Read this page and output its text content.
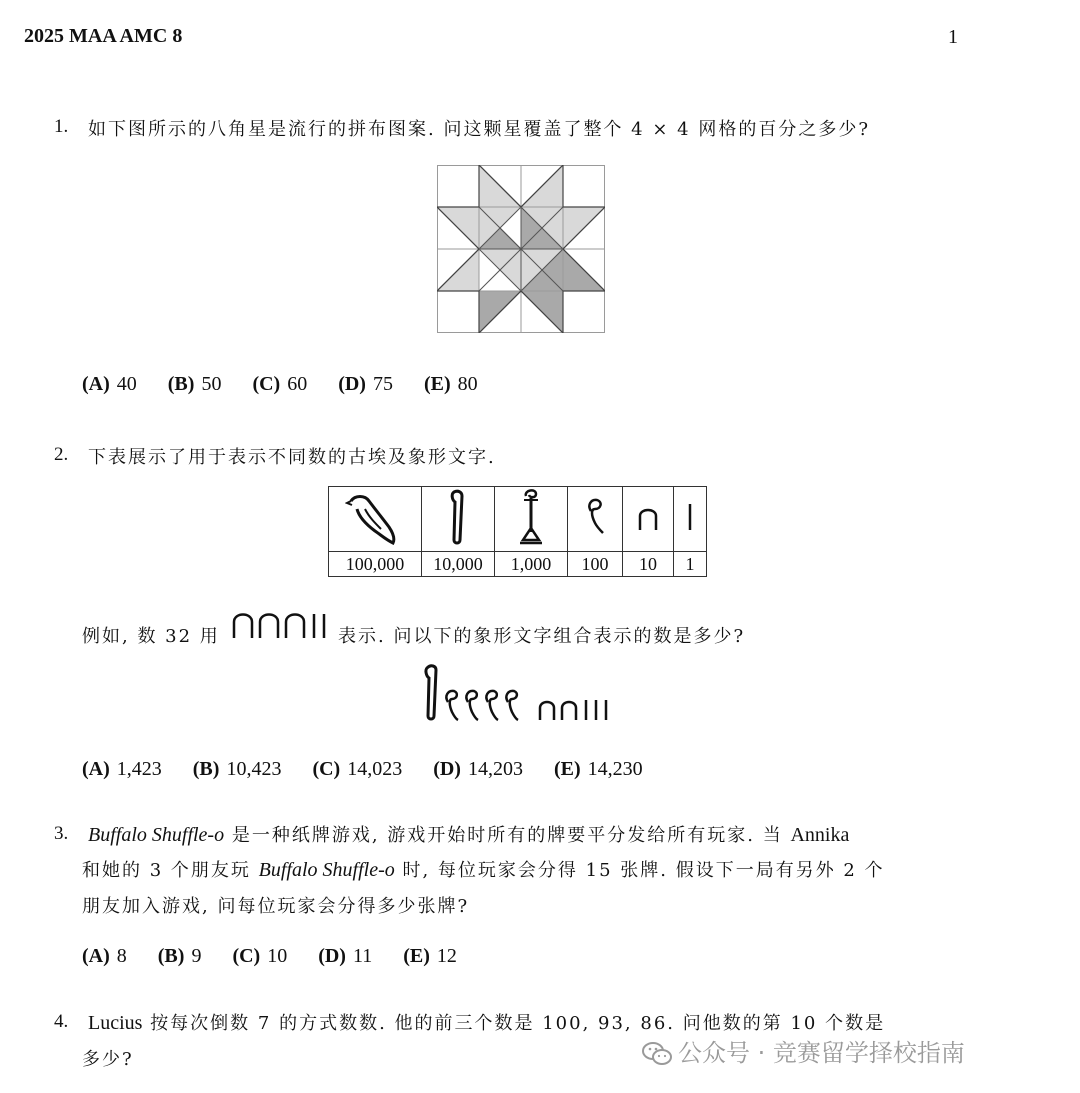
2025 MAA AMC 8	1
1. 如下图所示的八角星是流行的拼布图案. 问这颗星覆盖了整个 4 × 4 网格的百分之多少?
(A) 40 (B) 50 (C) 60 (D) 75 (E) 80
2. 下表展示了用于表示不同数的古埃及象形文字.

100,000	10,000	1,000	100	10	1
例如, 数 32 用	表示. 问以下的象形文字组合表示的数是多少?
(A) 1,423 (B) 10,423 (C) 14,023 (D) 14,203 (E) 14,230
3. Buffalo Shuffle-o 是一种纸牌游戏, 游戏开始时所有的牌要平分发给所有玩家. 当 Annika
和她的 3 个朋友玩 Buffalo Shuffle-o 时, 每位玩家会分得 15 张牌. 假设下一局有另外 2 个
朋友加入游戏, 问每位玩家会分得多少张牌?
(A) 8 (B) 9 (C) 10 (D) 11 (E) 12
4. Lucius 按每次倒数 7 的方式数数. 他的前三个数是 100, 93, 86. 问他数的第 10 个数是
多少?	公众号 · 竞赛留学择校指南
